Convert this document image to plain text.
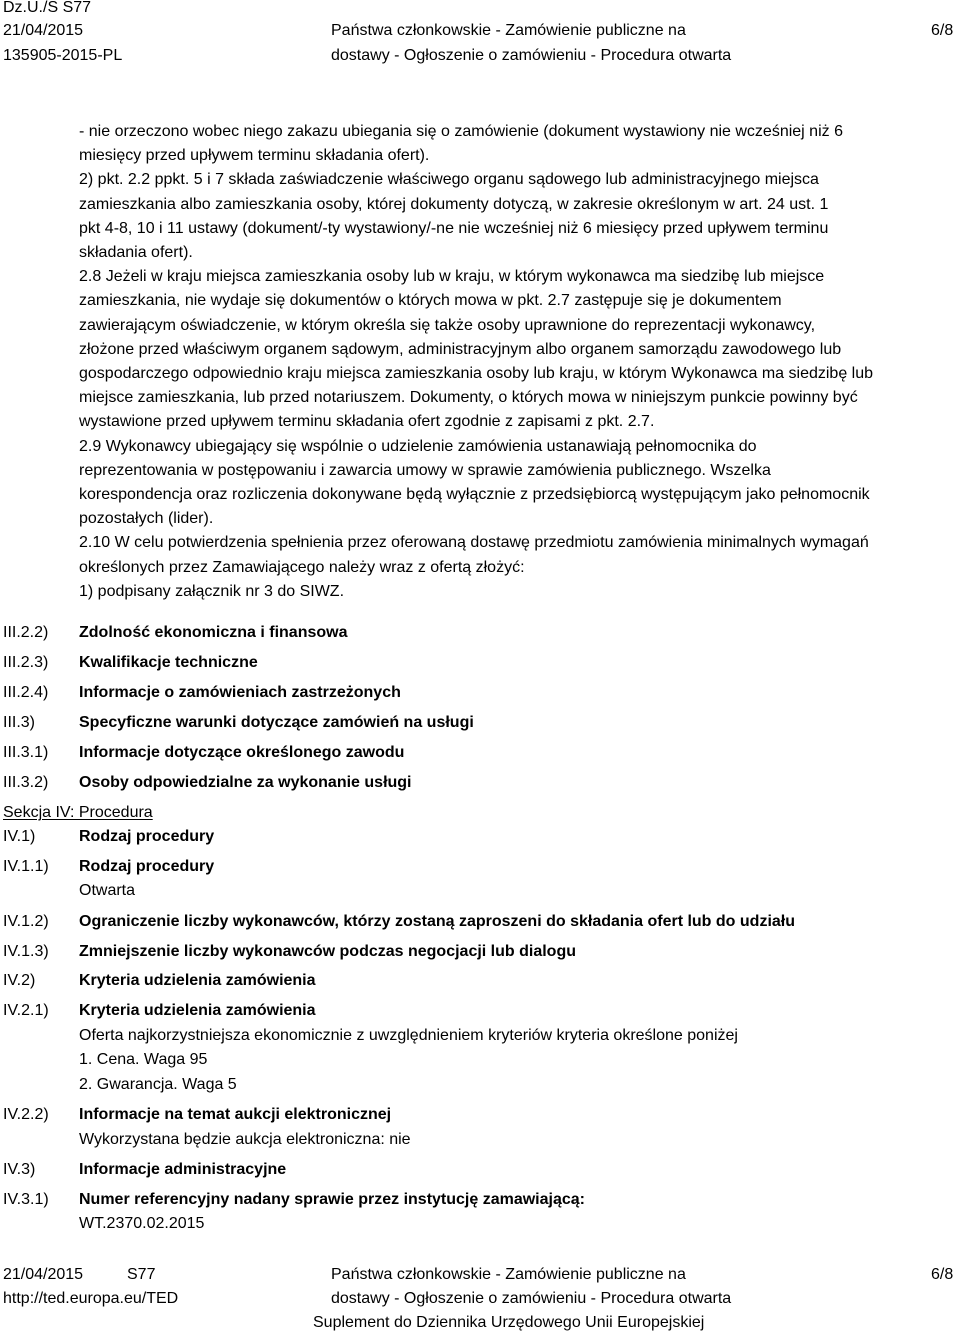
Dz.U./S S77
21/04/2015
135905-2015-PL
Państwa członkowskie - Zamówienie publiczne na
dostawy - Ogłoszenie o zamówieniu - Procedura otwarta
6/8
- nie orzeczono wobec niego zakazu ubiegania się o zamówienie (dokument wystawiony nie wcześniej niż 6
miesięcy przed upływem terminu składania ofert).
2) pkt. 2.2 ppkt. 5 i 7 składa zaświadczenie właściwego organu sądowego lub administracyjnego miejsca
zamieszkania albo zamieszkania osoby, której dokumenty dotyczą, w zakresie określonym w art. 24 ust. 1
pkt 4-8, 10 i 11 ustawy (dokument/-ty wystawiony/-ne nie wcześniej niż 6 miesięcy przed upływem terminu
składania ofert).
2.8 Jeżeli w kraju miejsca zamieszkania osoby lub w kraju, w którym wykonawca ma siedzibę lub miejsce
zamieszkania, nie wydaje się dokumentów o których mowa w pkt. 2.7 zastępuje się je dokumentem
zawierającym oświadczenie, w którym określa się także osoby uprawnione do reprezentacji wykonawcy,
złożone przed właściwym organem sądowym, administracyjnym albo organem samorządu zawodowego lub
gospodarczego odpowiednio kraju miejsca zamieszkania osoby lub kraju, w którym Wykonawca ma siedzibę lub
miejsce zamieszkania, lub przed notariuszem. Dokumenty, o których mowa w niniejszym punkcie powinny być
wystawione przed upływem terminu składania ofert zgodnie z zapisami z pkt. 2.7.
2.9 Wykonawcy ubiegający się wspólnie o udzielenie zamówienia ustanawiają pełnomocnika do
reprezentowania w postępowaniu i zawarcia umowy w sprawie zamówienia publicznego. Wszelka
korespondencja oraz rozliczenia dokonywane będą wyłącznie z przedsiębiorcą występującym jako pełnomocnik
pozostałych (lider).
2.10 W celu potwierdzenia spełnienia przez oferowaną dostawę przedmiotu zamówienia minimalnych wymagań
określonych przez Zamawiającego należy wraz z ofertą złożyć:
1) podpisany załącznik nr 3 do SIWZ.
III.2.2) Zdolność ekonomiczna i finansowa
III.2.3) Kwalifikacje techniczne
III.2.4) Informacje o zamówieniach zastrzeżonych
III.3)	Specyficzne warunki dotyczące zamówień na usługi
III.3.1) Informacje dotyczące określonego zawodu
III.3.2) Osoby odpowiedzialne za wykonanie usługi
Sekcja IV: Procedura
IV.1)	Rodzaj procedury
IV.1.1) Rodzaj procedury
Otwarta
IV.1.2) Ograniczenie liczby wykonawców, którzy zostaną zaproszeni do składania ofert lub do udziału
IV.1.3) Zmniejszenie liczby wykonawców podczas negocjacji lub dialogu
IV.2)	Kryteria udzielenia zamówienia
IV.2.1) Kryteria udzielenia zamówienia
Oferta najkorzystniejsza ekonomicznie z uwzględnieniem kryteriów kryteria określone poniżej
1. Cena. Waga 95
2. Gwarancja. Waga 5
IV.2.2) Informacje na temat aukcji elektronicznej
Wykorzystana będzie aukcja elektroniczna: nie
IV.3)	Informacje administracyjne
IV.3.1) Numer referencyjny nadany sprawie przez instytucję zamawiającą:
WT.2370.02.2015
21/04/2015	S77
http://ted.europa.eu/TED
Państwa członkowskie - Zamówienie publiczne na
dostawy - Ogłoszenie o zamówieniu - Procedura otwarta
Suplement do Dziennika Urzędowego Unii Europejskiej
6/8
